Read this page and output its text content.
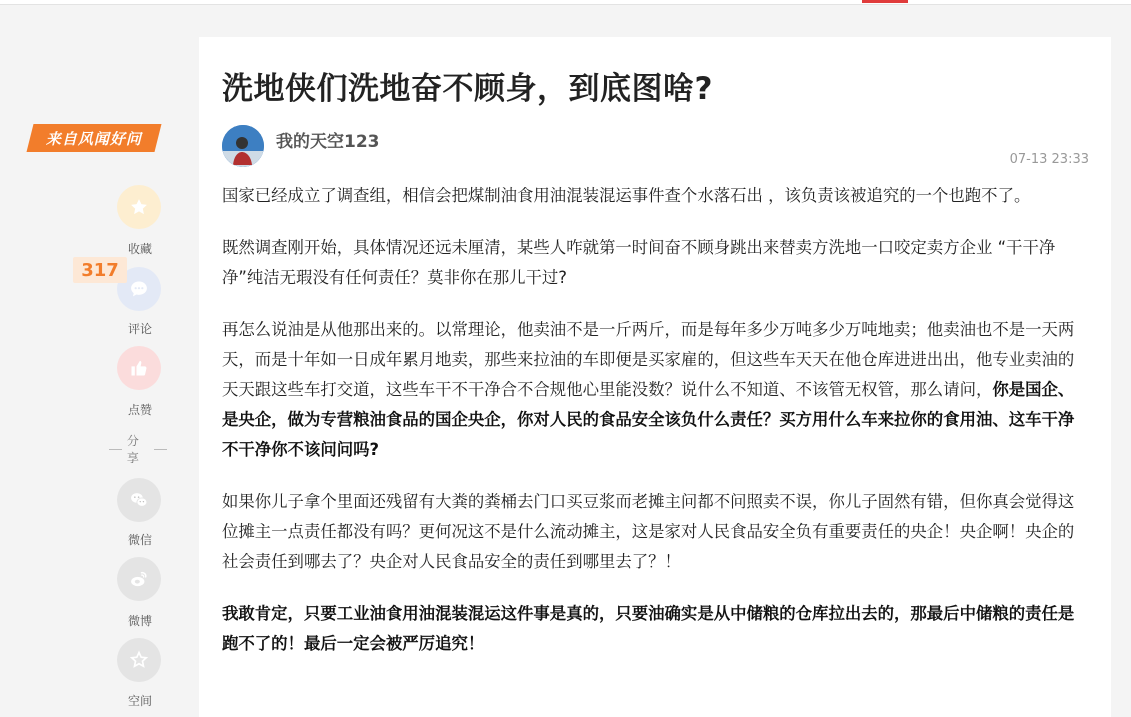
来自风闻好问
收藏
317
评论
点赞
分享
微信
微博
空间
洗地侠们洗地奋不顾身，到底图啥?
我的天空123
07-13 23:33

国家已经成立了调查组，相信会把煤制油食用油混装混运事件查个水落石出 ，该负责该被追究的一个也跑不了。

既然调查刚开始，具体情况还远未厘清，某些人咋就第一时间奋不顾身跳出来替卖方洗地一口咬定卖方企业 “干干净净”纯洁无瑕没有任何责任？莫非你在那儿干过?

再怎么说油是从他那出来的。以常理论，他卖油不是一斤两斤，而是每年多少万吨多少万吨地卖；他卖油也不是一天两天，而是十年如一日成年累月地卖，那些来拉油的车即便是买家雇的，但这些车天天在他仓库进进出出，他专业卖油的天天跟这些车打交道，这些车干不干净合不合规他心里能没数？说什么不知道、不该管无权管，那么请问，你是国企、是央企，做为专营粮油食品的国企央企，你对人民的食品安全该负什么责任？买方用什么车来拉你的食用油、这车干净不干净你不该问问吗?

如果你儿子拿个里面还残留有大粪的粪桶去门口买豆浆而老摊主问都不问照卖不误，你儿子固然有错，但你真会觉得这位摊主一点责任都没有吗？更何况这不是什么流动摊主，这是家对人民食品安全负有重要责任的央企！央企啊！央企的社会责任到哪去了？央企对人民食品安全的责任到哪里去了？！

我敢肯定，只要工业油食用油混装混运这件事是真的，只要油确实是从中储粮的仓库拉出去的，那最后中储粮的责任是跑不了的！最后一定会被严厉追究！
